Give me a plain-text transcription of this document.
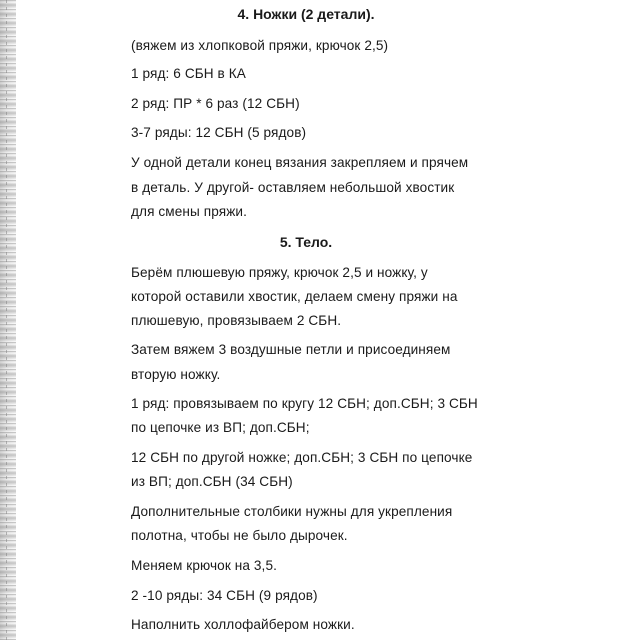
4. Ножки (2 детали).
(вяжем из хлопковой пряжи, крючок 2,5)
1 ряд: 6 СБН в КА
2 ряд: ПР * 6 раз (12 СБН)
3-7 ряды: 12 СБН (5 рядов)
У одной детали конец вязания закрепляем и прячем
в деталь. У другой- оставляем небольшой хвостик
для смены пряжи.
5. Тело.
Берём плюшевую пряжу, крючок 2,5 и ножку, у
которой оставили хвостик, делаем смену пряжи на
плюшевую, провязываем 2 СБН.
Затем вяжем 3 воздушные петли и присоединяем
вторую ножку.
1 ряд: провязываем по кругу 12 СБН; доп.СБН; 3 СБН
по цепочке из ВП; доп.СБН;
12 СБН по другой ножке; доп.СБН; 3 СБН по цепочке
из ВП; доп.СБН (34 СБН)
Дополнительные столбики нужны для укрепления
полотна, чтобы не было дырочек.
Меняем крючок на 3,5.
2 -10 ряды: 34 СБН (9 рядов)
Наполнить холлофайбером ножки.
